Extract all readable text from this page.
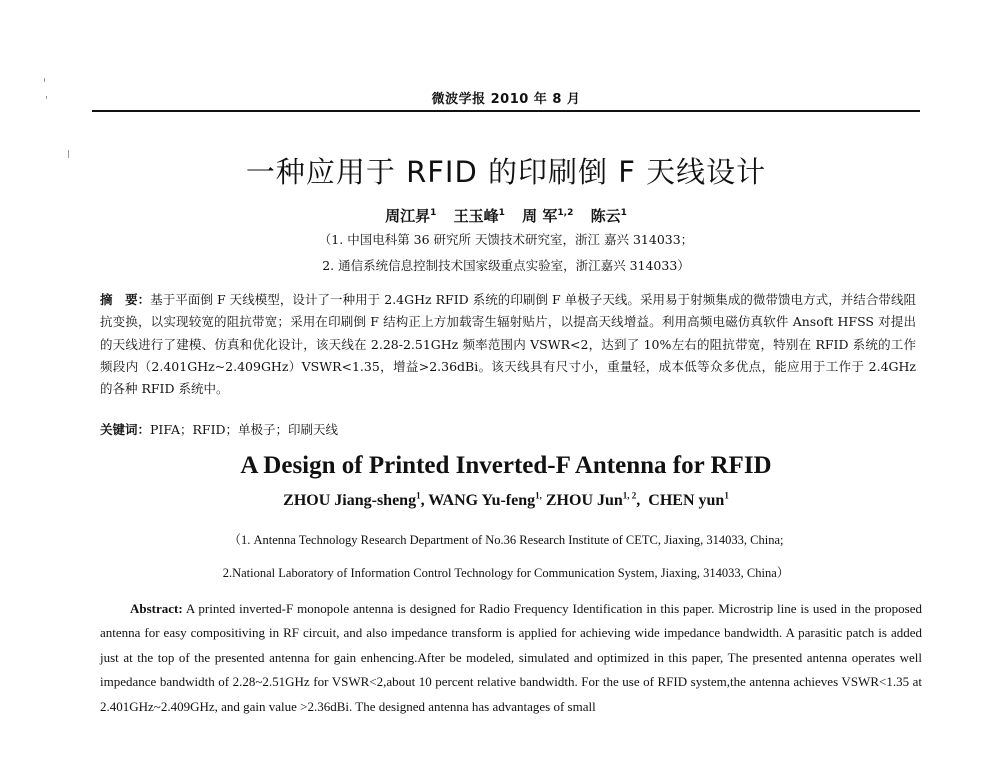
微波学报 2010 年 8 月
一种应用于 RFID 的印刷倒 F 天线设计
周江昇$^1$ 王玉峰$^1$ 周 军$^{1,2}$ 陈云$^1$
（1. 中国电科第 36 研究所 天馈技术研究室，浙江 嘉兴 314033；
2. 通信系统信息控制技术国家级重点实验室，浙江嘉兴 314033）
摘　要：基于平面倒 F 天线模型，设计了一种用于 2.4GHz RFID 系统的印刷倒 F 单极子天线。采用易于射频集成的微带馈电方式，并结合带线阻抗变换，以实现较宽的阻抗带宽；采用在印刷倒 F 结构正上方加载寄生辐射贴片，以提高天线增益。利用高频电磁仿真软件 Ansoft HFSS 对提出的天线进行了建模、仿真和优化设计，该天线在 2.28-2.51GHz 频率范围内 VSWR<2，达到了 10%左右的阻抗带宽，特别在 RFID 系统的工作频段内（2.401GHz~2.409GHz）VSWR<1.35，增益>2.36dBi。该天线具有尺寸小，重量轻，成本低等众多优点，能应用于工作于 2.4GHz 的各种 RFID 系统中。
关键词：PIFA；RFID；单极子；印刷天线
A Design of Printed Inverted-F Antenna for RFID
ZHOU Jiang-sheng$^1$, WANG Yu-feng$^{1,}$ ZHOU Jun$^{1, 2}$,  CHEN yun$^1$
（1. Antenna Technology Research Department of No.36 Research Institute of CETC, Jiaxing, 314033, China;
2.National Laboratory of Information Control Technology for Communication System, Jiaxing, 314033, China）
Abstract: A printed inverted-F monopole antenna is designed for Radio Frequency Identification in this paper. Microstrip line is used in the proposed antenna for easy compositiving in RF circuit, and also impedance transform is applied for achieving wide impedance bandwidth. A parasitic patch is added just at the top of the presented antenna for gain enhencing.After be modeled, simulated and optimized in this paper, The presented antenna operates well impedance bandwidth of 2.28~2.51GHz for VSWR<2,about 10 percent relative bandwidth. For the use of RFID system,the antenna achieves VSWR<1.35 at 2.401GHz~2.409GHz, and gain value >2.36dBi. The designed antenna has advantages of small
